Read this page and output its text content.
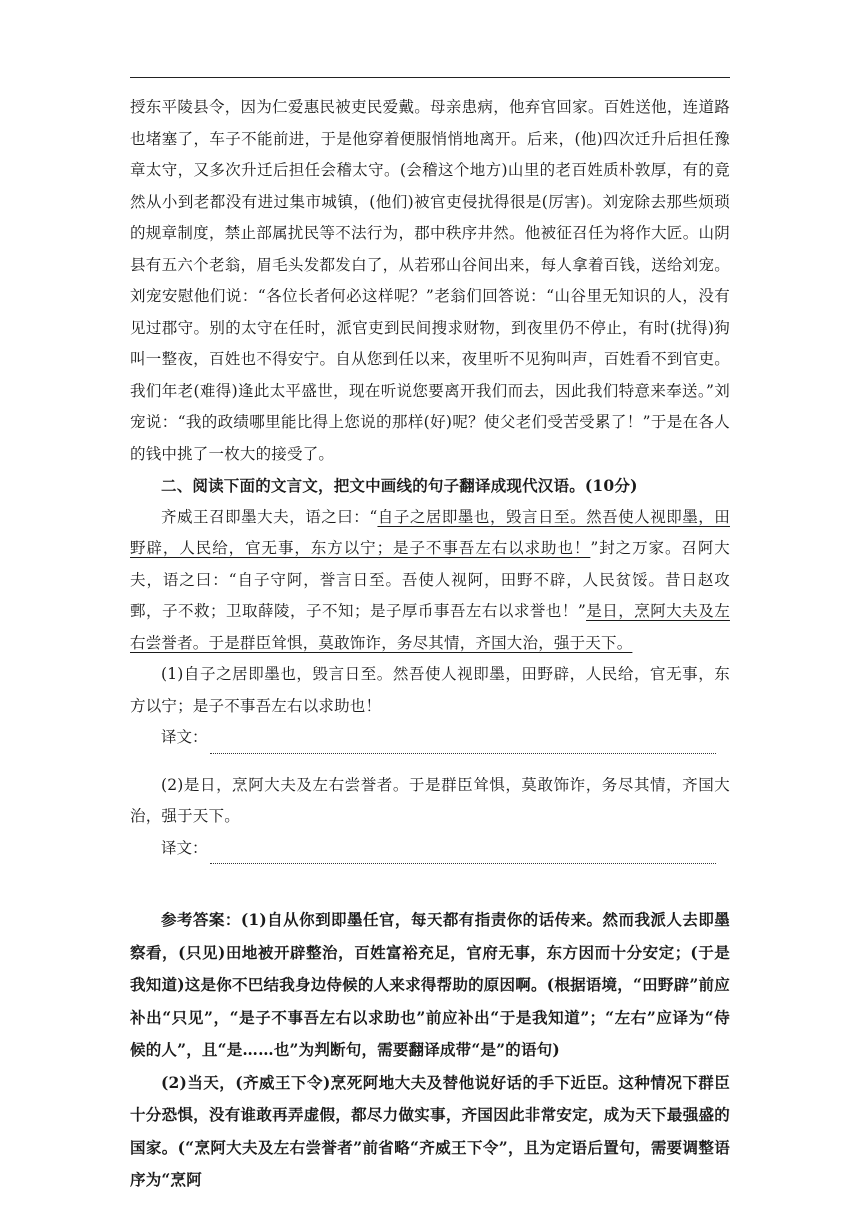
授东平陵县令，因为仁爱惠民被吏民爱戴。母亲患病，他弃官回家。百姓送他，连道路也堵塞了，车子不能前进，于是他穿着便服悄悄地离开。后来，(他)四次迁升后担任豫章太守，又多次升迁后担任会稽太守。(会稽这个地方)山里的老百姓质朴敦厚，有的竟然从小到老都没有进过集市城镇，(他们)被官吏侵扰得很是(厉害)。刘宠除去那些烦琐的规章制度，禁止部属扰民等不法行为，郡中秩序井然。他被征召任为将作大匠。山阴县有五六个老翁，眉毛头发都发白了，从若邪山谷间出来，每人拿着百钱，送给刘宠。刘宠安慰他们说：“各位长者何必这样呢？”老翁们回答说：“山谷里无知识的人，没有见过郡守。别的太守在任时，派官吏到民间搜求财物，到夜里仍不停止，有时(扰得)狗叫一整夜，百姓也不得安宁。自从您到任以来，夜里听不见狗叫声，百姓看不到官吏。我们年老(难得)逢此太平盛世，现在听说您要离开我们而去，因此我们特意来奉送。”刘宠说：“我的政绩哪里能比得上您说的那样(好)呢？使父老们受苦受累了！”于是在各人的钱中挑了一枚大的接受了。

二、阅读下面的文言文，把文中画线的句子翻译成现代汉语。(10分)

齐威王召即墨大夫，语之曰：“自子之居即墨也，毁言日至。然吾使人视即墨，田野辟，人民给，官无事，东方以宁；是子不事吾左右以求助也！”封之万家。召阿大夫，语之曰：“自子守阿，誉言日至。吾使人视阿，田野不辟，人民贫馁。昔日赵攻鄄，子不救；卫取薛陵，子不知；是子厚币事吾左右以求誉也！”是日，烹阿大夫及左右尝誉者。于是群臣耸惧，莫敢饰诈，务尽其情，齐国大治，强于天下。

(1)自子之居即墨也，毁言日至。然吾使人视即墨，田野辟，人民给，官无事，东方以宁；是子不事吾左右以求助也！

译文：

(2)是日，烹阿大夫及左右尝誉者。于是群臣耸惧，莫敢饰诈，务尽其情，齐国大治，强于天下。

译文：

参考答案：(1)自从你到即墨任官，每天都有指责你的话传来。然而我派人去即墨察看，(只见)田地被开辟整治，百姓富裕充足，官府无事，东方因而十分安定；(于是我知道)这是你不巴结我身边侍候的人来求得帮助的原因啊。(根据语境，“田野辟”前应补出“只见”，“是子不事吾左右以求助也”前应补出“于是我知道”；“左右”应译为“侍候的人”，且“是……也”为判断句，需要翻译成带“是”的语句)

(2)当天，(齐威王下令)烹死阿地大夫及替他说好话的手下近臣。这种情况下群臣十分恐惧，没有谁敢再弄虚假，都尽力做实事，齐国因此非常安定，成为天下最强盛的国家。(“烹阿大夫及左右尝誉者”前省略“齐威王下令”，且为定语后置句，需要调整语序为“烹阿
